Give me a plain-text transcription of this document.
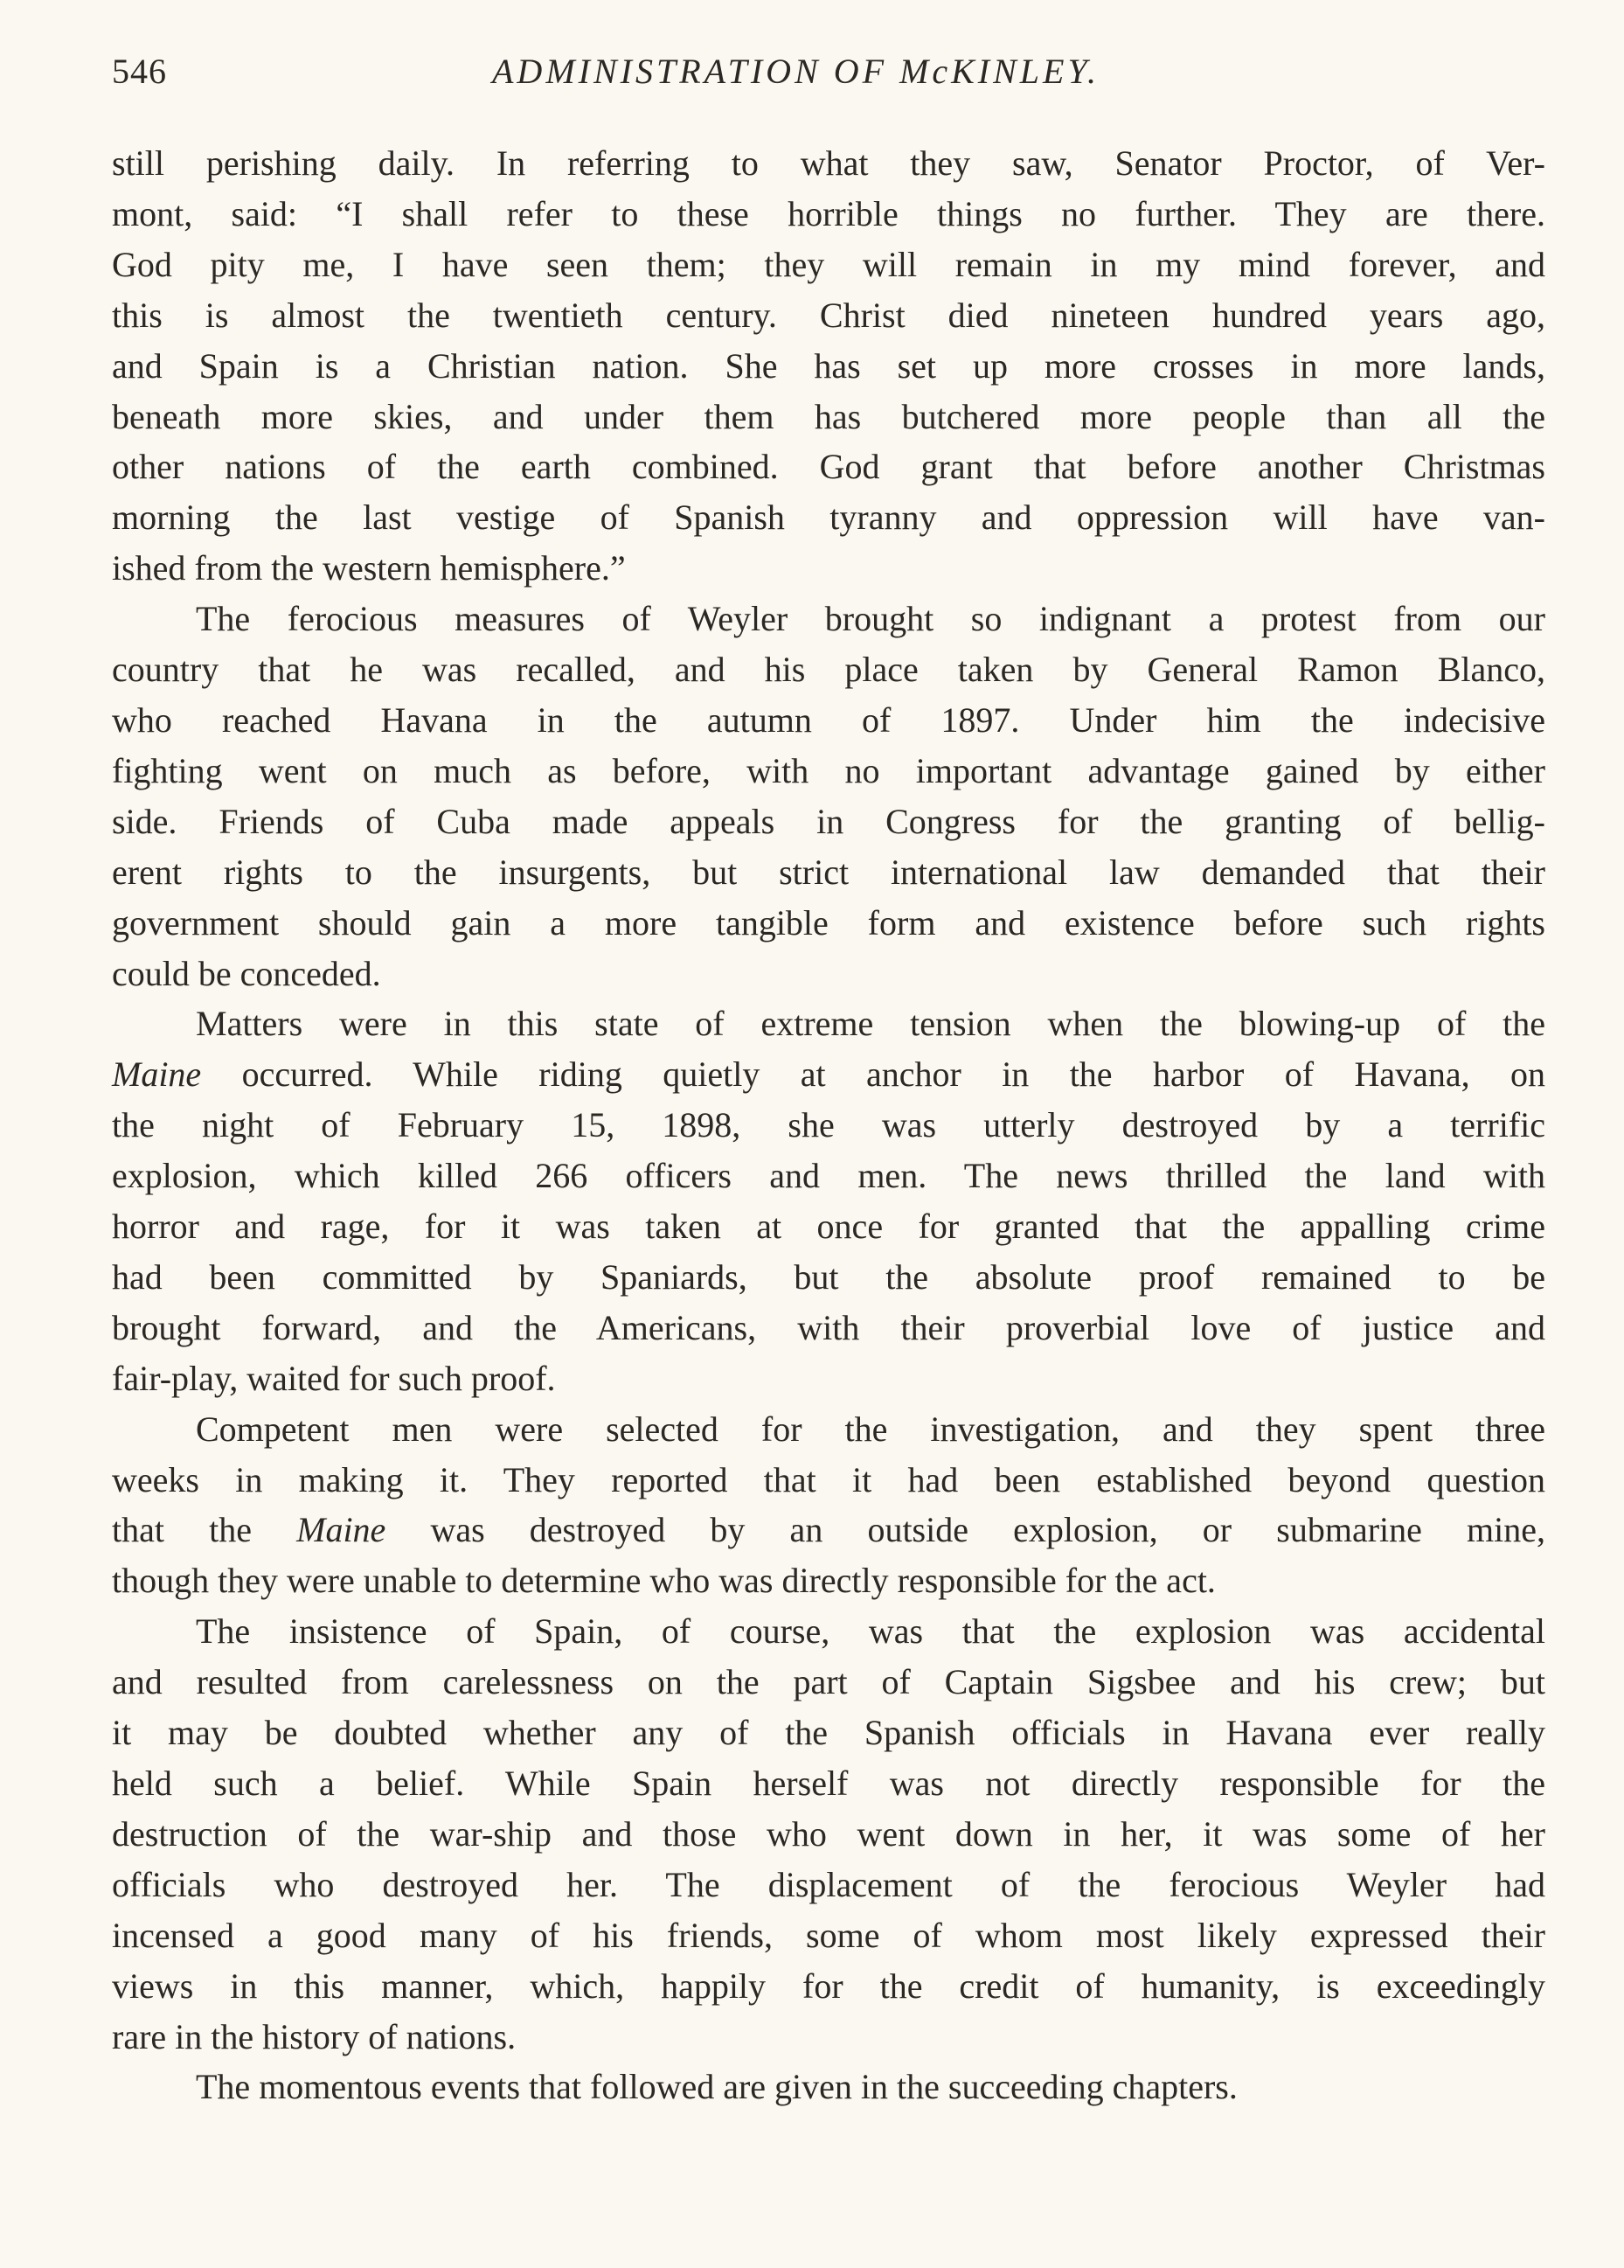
546	ADMINISTRATION OF McKINLEY.

still perishing daily. In referring to what they saw, Senator Proctor, of Ver-
mont, said: “I shall refer to these horrible things no further. They are there.
God pity me, I have seen them; they will remain in my mind forever, and
this is almost the twentieth century. Christ died nineteen hundred years ago,
and Spain is a Christian nation. She has set up more crosses in more lands,
beneath more skies, and under them has butchered more people than all the
other nations of the earth combined. God grant that before another Christmas
morning the last vestige of Spanish tyranny and oppression will have van-
ished from the western hemisphere.”

The ferocious measures of Weyler brought so indignant a protest from our
country that he was recalled, and his place taken by General Ramon Blanco,
who reached Havana in the autumn of 1897. Under him the indecisive
fighting went on much as before, with no important advantage gained by either
side. Friends of Cuba made appeals in Congress for the granting of bellig-
erent rights to the insurgents, but strict international law demanded that their
government should gain a more tangible form and existence before such rights
could be conceded.

Matters were in this state of extreme tension when the blowing-up of the
Maine occurred. While riding quietly at anchor in the harbor of Havana, on
the night of February 15, 1898, she was utterly destroyed by a terrific
explosion, which killed 266 officers and men. The news thrilled the land with
horror and rage, for it was taken at once for granted that the appalling crime
had been committed by Spaniards, but the absolute proof remained to be
brought forward, and the Americans, with their proverbial love of justice and
fair-play, waited for such proof.

Competent men were selected for the investigation, and they spent three
weeks in making it. They reported that it had been established beyond question
that the Maine was destroyed by an outside explosion, or submarine mine,
though they were unable to determine who was directly responsible for the act.

The insistence of Spain, of course, was that the explosion was accidental
and resulted from carelessness on the part of Captain Sigsbee and his crew; but
it may be doubted whether any of the Spanish officials in Havana ever really
held such a belief. While Spain herself was not directly responsible for the
destruction of the war-ship and those who went down in her, it was some of her
officials who destroyed her. The displacement of the ferocious Weyler had
incensed a good many of his friends, some of whom most likely expressed their
views in this manner, which, happily for the credit of humanity, is exceedingly
rare in the history of nations.

The momentous events that followed are given in the succeeding chapters.
